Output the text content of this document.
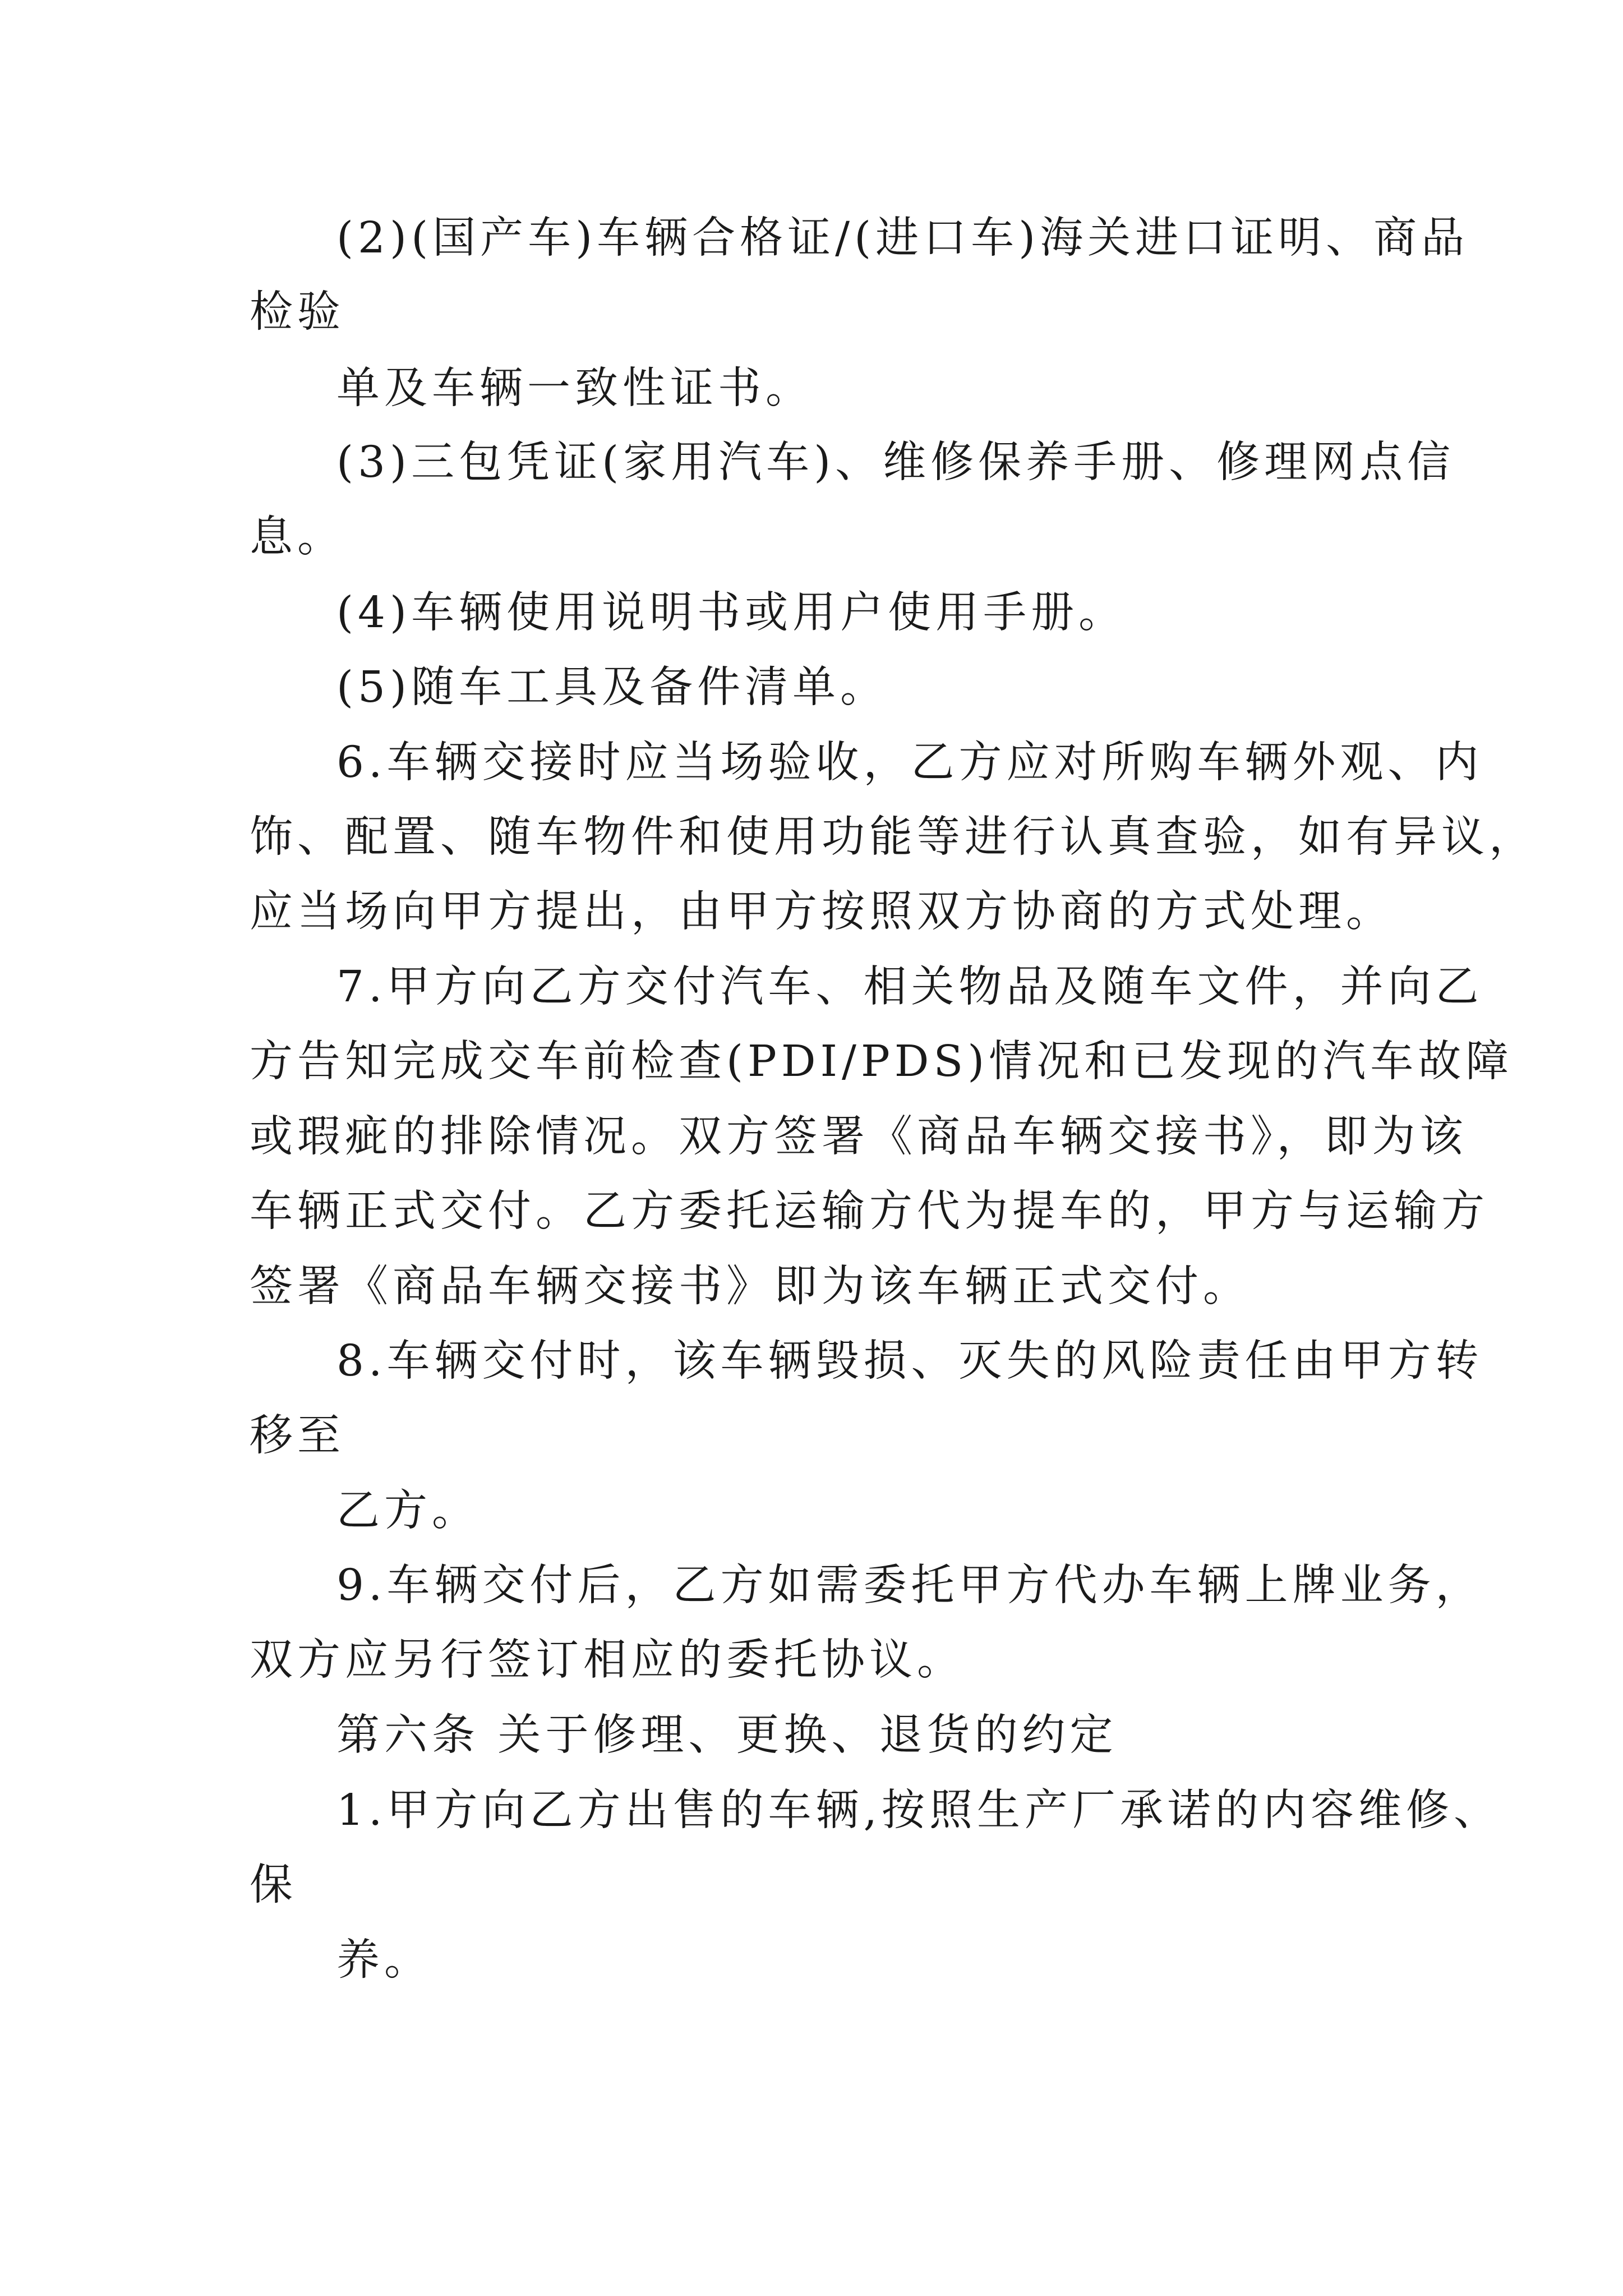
(2)(国产车)车辆合格证/(进口车)海关进口证明、商品
检验
单及车辆一致性证书。
(3)三包凭证(家用汽车)、维修保养手册、修理网点信
息。
(4)车辆使用说明书或用户使用手册。
(5)随车工具及备件清单。
6.车辆交接时应当场验收，乙方应对所购车辆外观、内
饰、配置、随车物件和使用功能等进行认真查验，如有异议，
应当场向甲方提出，由甲方按照双方协商的方式处理。
7.甲方向乙方交付汽车、相关物品及随车文件，并向乙
方告知完成交车前检查(PDI/PDS)情况和已发现的汽车故障
或瑕疵的排除情况。双方签署《商品车辆交接书》，即为该
车辆正式交付。乙方委托运输方代为提车的，甲方与运输方
签署《商品车辆交接书》即为该车辆正式交付。
8.车辆交付时，该车辆毁损、灭失的风险责任由甲方转
移至
乙方。
9.车辆交付后，乙方如需委托甲方代办车辆上牌业务，
双方应另行签订相应的委托协议。
第六条 关于修理、更换、退货的约定
1.甲方向乙方出售的车辆,按照生产厂承诺的内容维修、
保
养。
